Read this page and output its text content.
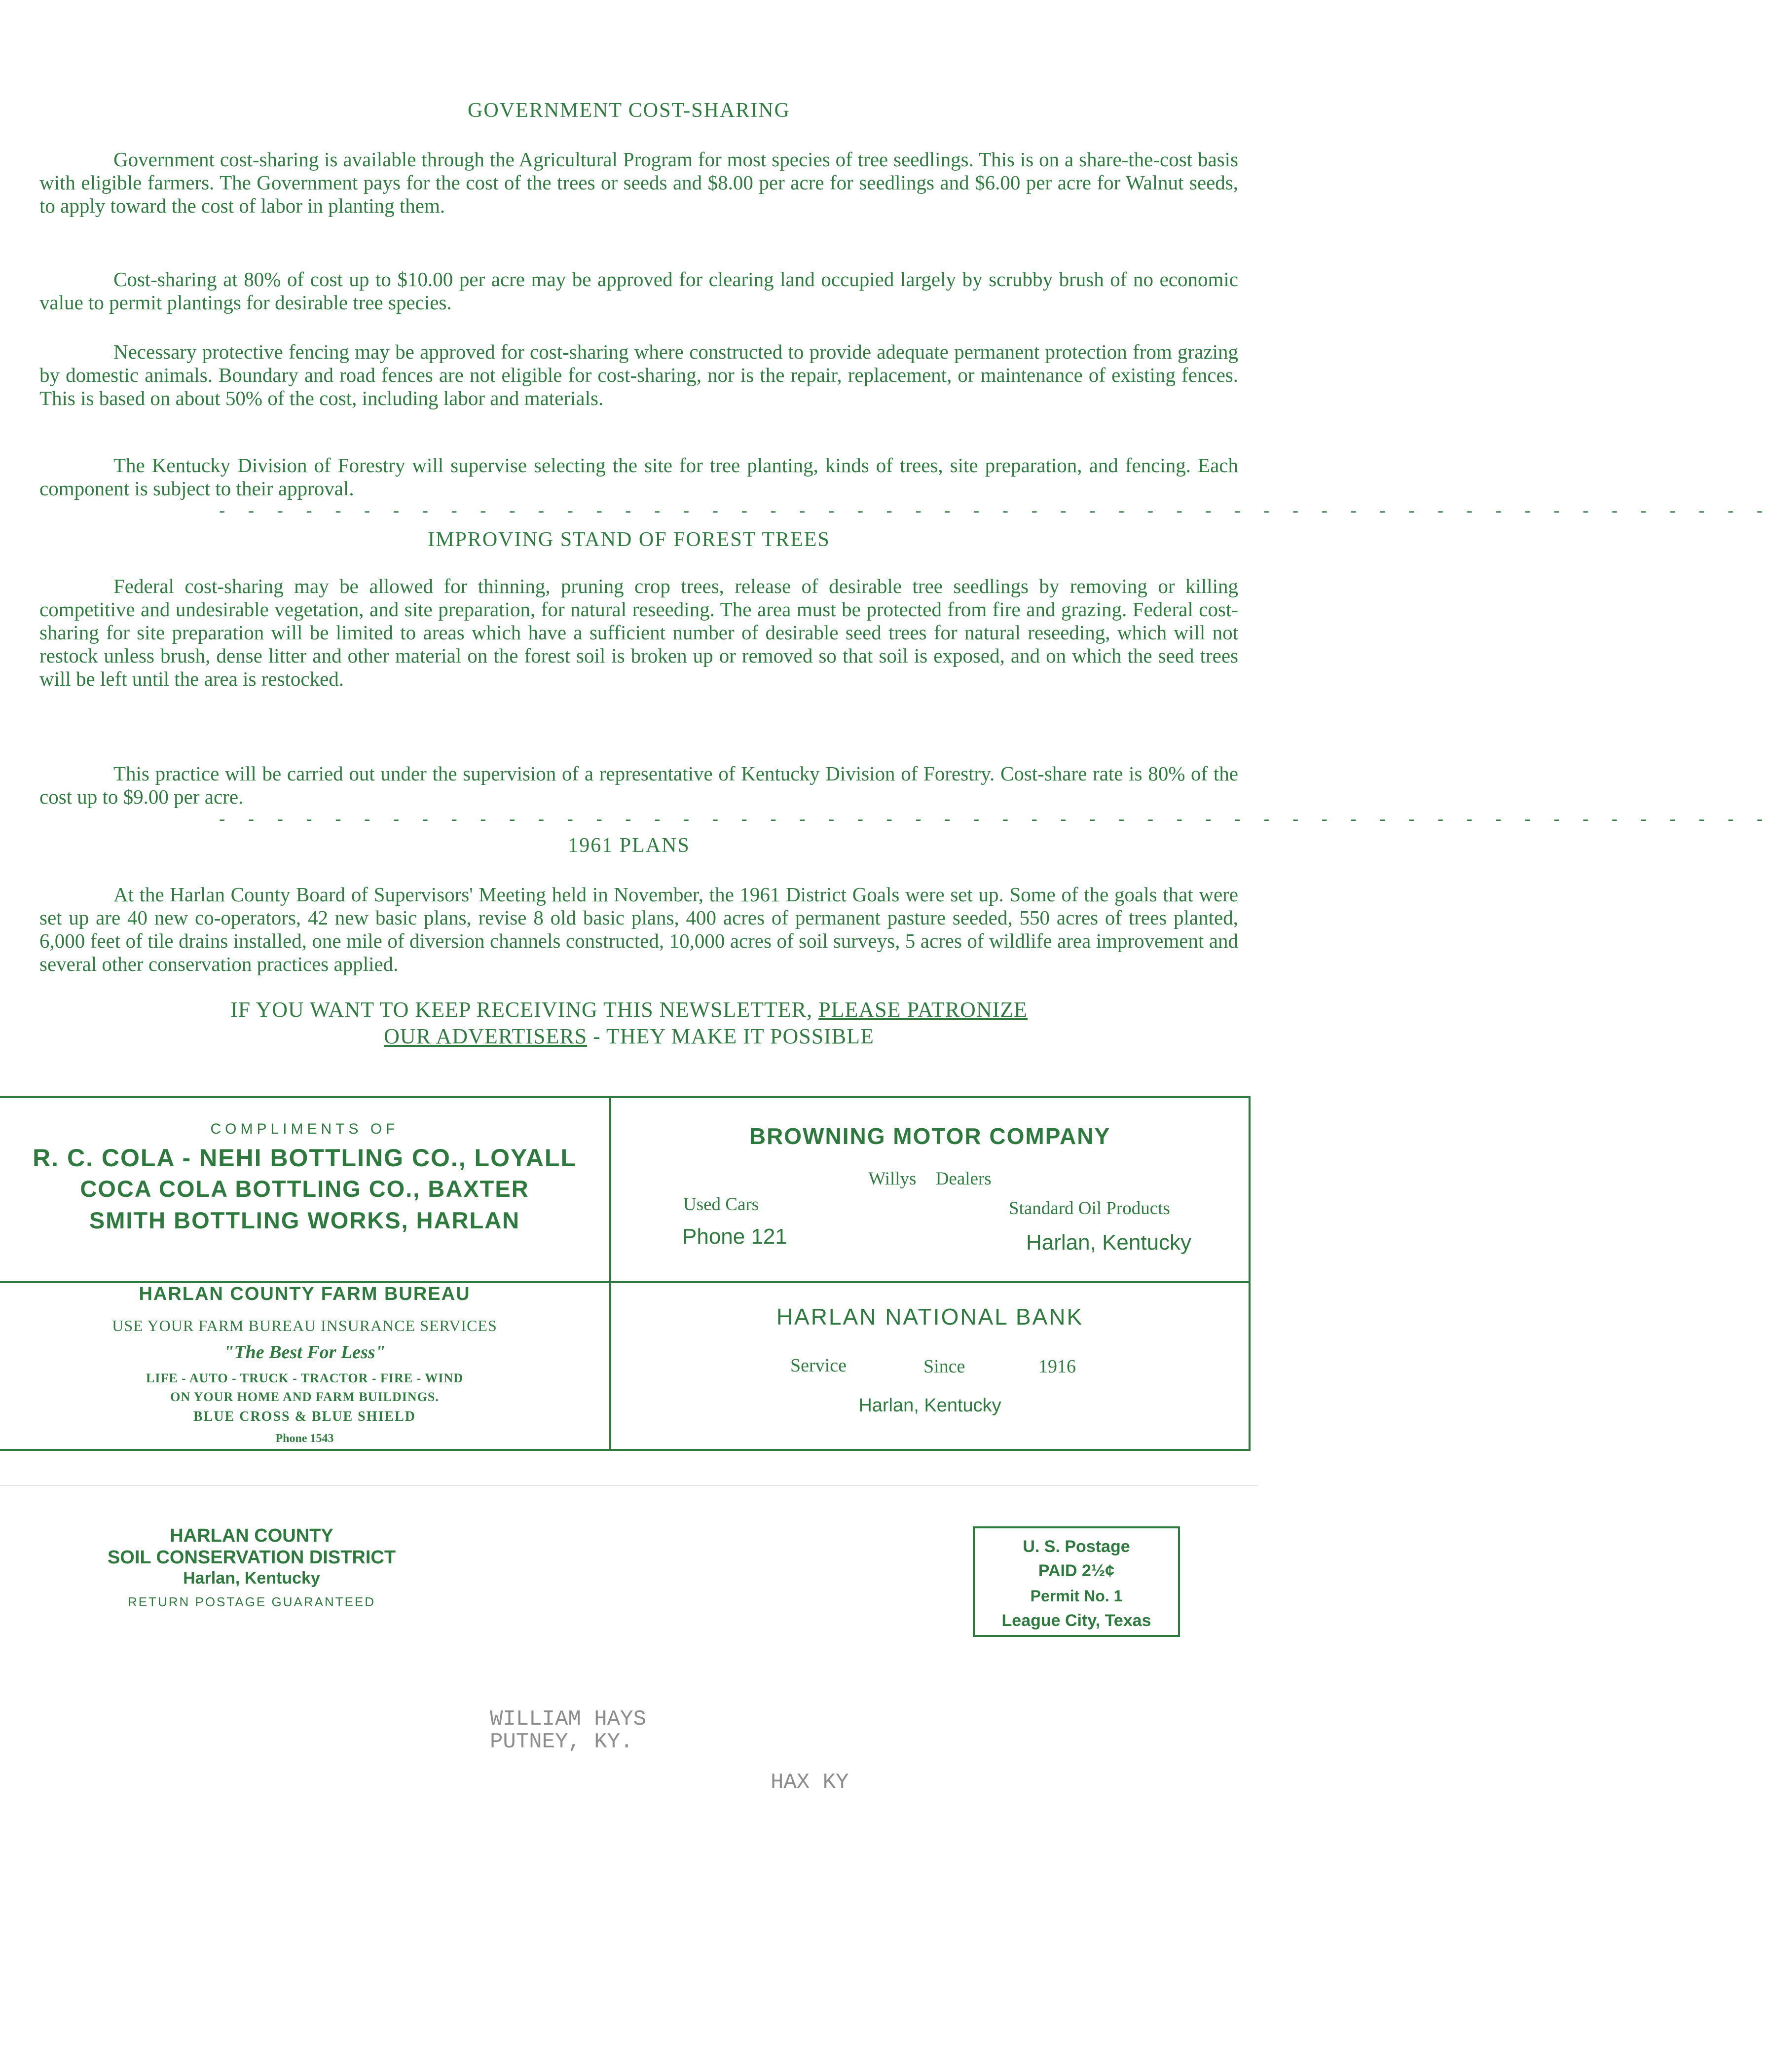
GOVERNMENT COST-SHARING

Government cost-sharing is available through the Agricultural Program for most species of tree seedlings. This is on a share-the-cost basis with eligible farmers. The Government pays for the cost of the trees or seeds and $8.00 per acre for seedlings and $6.00 per acre for Walnut seeds, to apply toward the cost of labor in planting them.

Cost-sharing at 80% of cost up to $10.00 per acre may be approved for clearing land occupied largely by scrubby brush of no economic value to permit plantings for desirable tree species.

Necessary protective fencing may be approved for cost-sharing where constructed to provide adequate permanent protection from grazing by domestic animals. Boundary and road fences are not eligible for cost-sharing, nor is the repair, replacement, or maintenance of existing fences. This is based on about 50% of the cost, including labor and materials.

The Kentucky Division of Forestry will supervise selecting the site for tree planting, kinds of trees, site preparation, and fencing. Each component is subject to their approval.

- - - - - - - - - - - - - - - - - - - - - - - - - - - - - - - - - - - - - - - - - - - - - - - - - - - - - -
IMPROVING STAND OF FOREST TREES

Federal cost-sharing may be allowed for thinning, pruning crop trees, release of desirable tree seedlings by removing or killing competitive and undesirable vegetation, and site preparation, for natural reseeding. The area must be protected from fire and grazing. Federal cost-sharing for site preparation will be limited to areas which have a sufficient number of desirable seed trees for natural reseeding, which will not restock unless brush, dense litter and other material on the forest soil is broken up or removed so that soil is exposed, and on which the seed trees will be left until the area is restocked.

This practice will be carried out under the supervision of a representative of Kentucky Division of Forestry. Cost-share rate is 80% of the cost up to $9.00 per acre.

- - - - - - - - - - - - - - - - - - - - - - - - - - - - - - - - - - - - - - - - - - - - - - - - - - - - - -
1961 PLANS

At the Harlan County Board of Supervisors' Meeting held in November, the 1961 District Goals were set up. Some of the goals that were set up are 40 new co-operators, 42 new basic plans, revise 8 old basic plans, 400 acres of permanent pasture seeded, 550 acres of trees planted, 6,000 feet of tile drains installed, one mile of diversion channels constructed, 10,000 acres of soil surveys, 5 acres of wildlife area improvement and several other conservation practices applied.

IF YOU WANT TO KEEP RECEIVING THIS NEWSLETTER, PLEASE PATRONIZE
OUR ADVERTISERS - THEY MAKE IT POSSIBLE
COMPLIMENTS OF
R. C. COLA - NEHI BOTTLING CO., LOYALL
COCA COLA BOTTLING CO., BAXTER
SMITH BOTTLING WORKS, HARLAN
BROWNING MOTOR COMPANY
Willys Dealers
Used Cars	Standard Oil Products
Phone 121	Harlan, Kentucky
HARLAN COUNTY FARM BUREAU
USE YOUR FARM BUREAU INSURANCE SERVICES
"The Best For Less"
LIFE - AUTO - TRUCK - TRACTOR - FIRE - WIND
ON YOUR HOME AND FARM BUILDINGS.
BLUE CROSS & BLUE SHIELD
Phone 1543
HARLAN NATIONAL BANK
Service	Since	1916
Harlan, Kentucky
HARLAN COUNTY
SOIL CONSERVATION DISTRICT
Harlan, Kentucky
RETURN POSTAGE GUARANTEED
U. S. Postage
PAID 2½¢
Permit No. 1
League City, Texas
WILLIAM HAYS
PUTNEY, KY.
HAX KY
